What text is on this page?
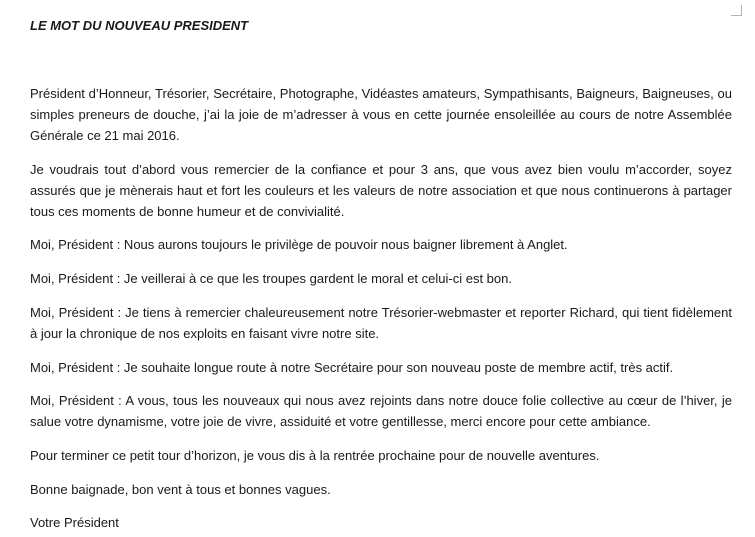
LE MOT DU NOUVEAU PRESIDENT

Président d’Honneur, Trésorier, Secrétaire, Photographe, Vidéastes amateurs, Sympathisants, Baigneurs, Baigneuses, ou simples preneurs de douche, j’ai la joie de m’adresser à vous en cette journée ensoleillée au cours de notre Assemblée Générale ce 21 mai 2016.

Je voudrais tout d’abord vous remercier de la confiance et pour 3 ans, que vous avez bien voulu m’accorder, soyez assurés que je mènerais haut et fort les couleurs et les valeurs de notre association et que nous continuerons à partager tous ces moments de bonne humeur et de convivialité.

Moi, Président : Nous aurons toujours le privilège de pouvoir nous baigner librement à Anglet.

Moi, Président : Je veillerai à ce que les troupes gardent le moral et celui-ci est bon.

Moi, Président : Je tiens à remercier chaleureusement notre Trésorier-webmaster et reporter Richard, qui tient fidèlement à jour la chronique de nos exploits en faisant vivre notre site.

Moi, Président : Je souhaite longue route à notre Secrétaire pour son nouveau poste de membre actif, très actif.

Moi, Président : A vous, tous les nouveaux qui nous avez rejoints dans notre douce folie collective au cœur de l’hiver, je salue votre dynamisme, votre joie de vivre, assiduité et votre gentillesse, merci encore pour cette ambiance.

Pour terminer ce petit tour d’horizon, je vous dis à la rentrée prochaine pour de nouvelle aventures.

Bonne baignade, bon vent à tous et bonnes vagues.

Votre Président
